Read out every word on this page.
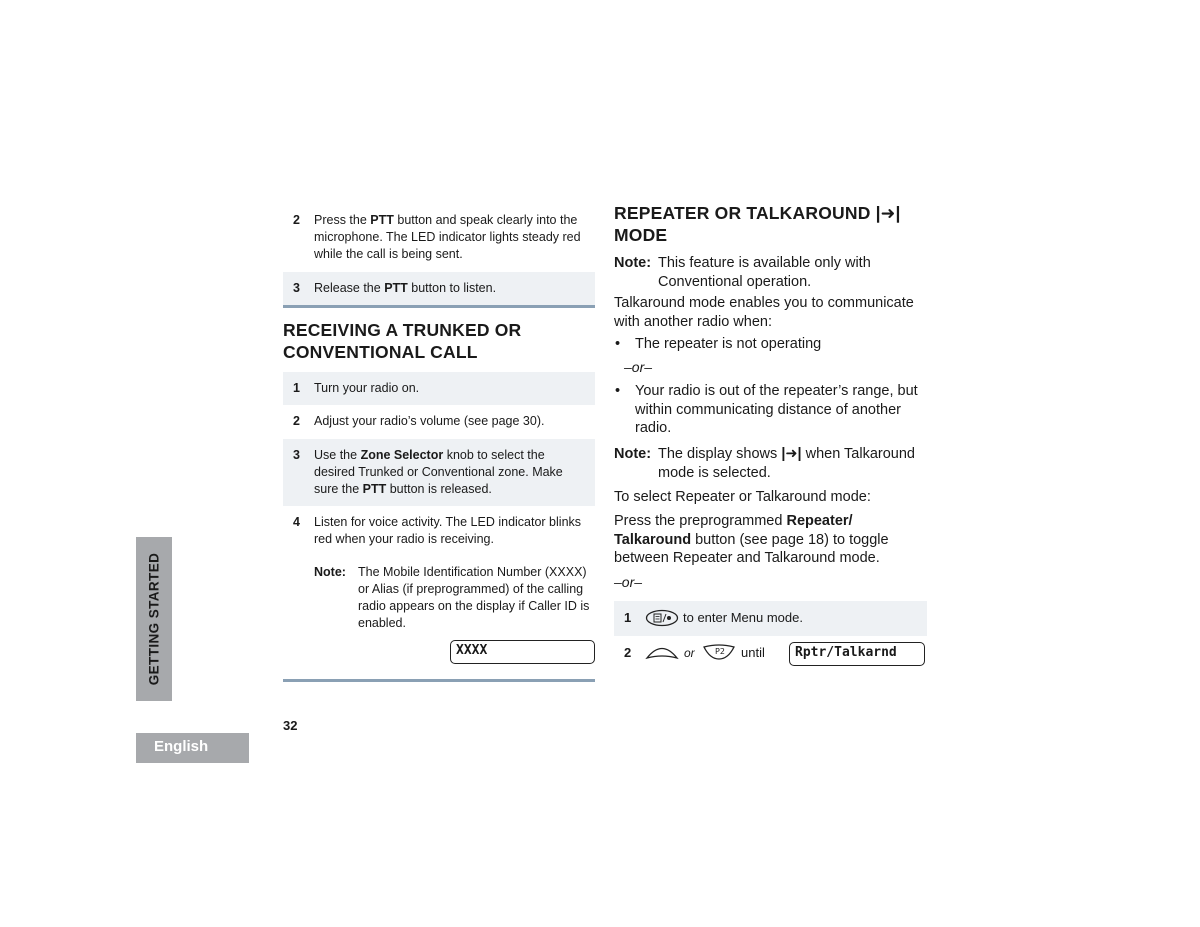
2 Press the PTT button and speak clearly into the microphone. The LED indicator lights steady red while the call is being sent.
3 Release the PTT button to listen.
RECEIVING A TRUNKED OR
CONVENTIONAL CALL
1 Turn your radio on.
2 Adjust your radio’s volume (see page 30).
3 Use the Zone Selector knob to select the desired Trunked or Conventional zone. Make sure the PTT button is released.
4 Listen for voice activity. The LED indicator blinks red when your radio is receiving.
Note: The Mobile Identification Number (XXXX) or Alias (if preprogrammed) of the calling radio appears on the display if Caller ID is enabled.
XXXX
32
GETTING STARTED
English
REPEATER OR TALKAROUND |➜|
MODE
Note: This feature is available only with Conventional operation.
Talkaround mode enables you to communicate with another radio when:
• The repeater is not operating
–or–
• Your radio is out of the repeater’s range, but within communicating distance of another radio.
Note: The display shows |➜| when Talkaround mode is selected.
To select Repeater or Talkaround mode:
Press the preprogrammed Repeater/ Talkaround button (see page 18) to toggle between Repeater and Talkaround mode.
–or–
1	to enter Menu mode.
2	or	P2 until	Rptr/Talkarnd
